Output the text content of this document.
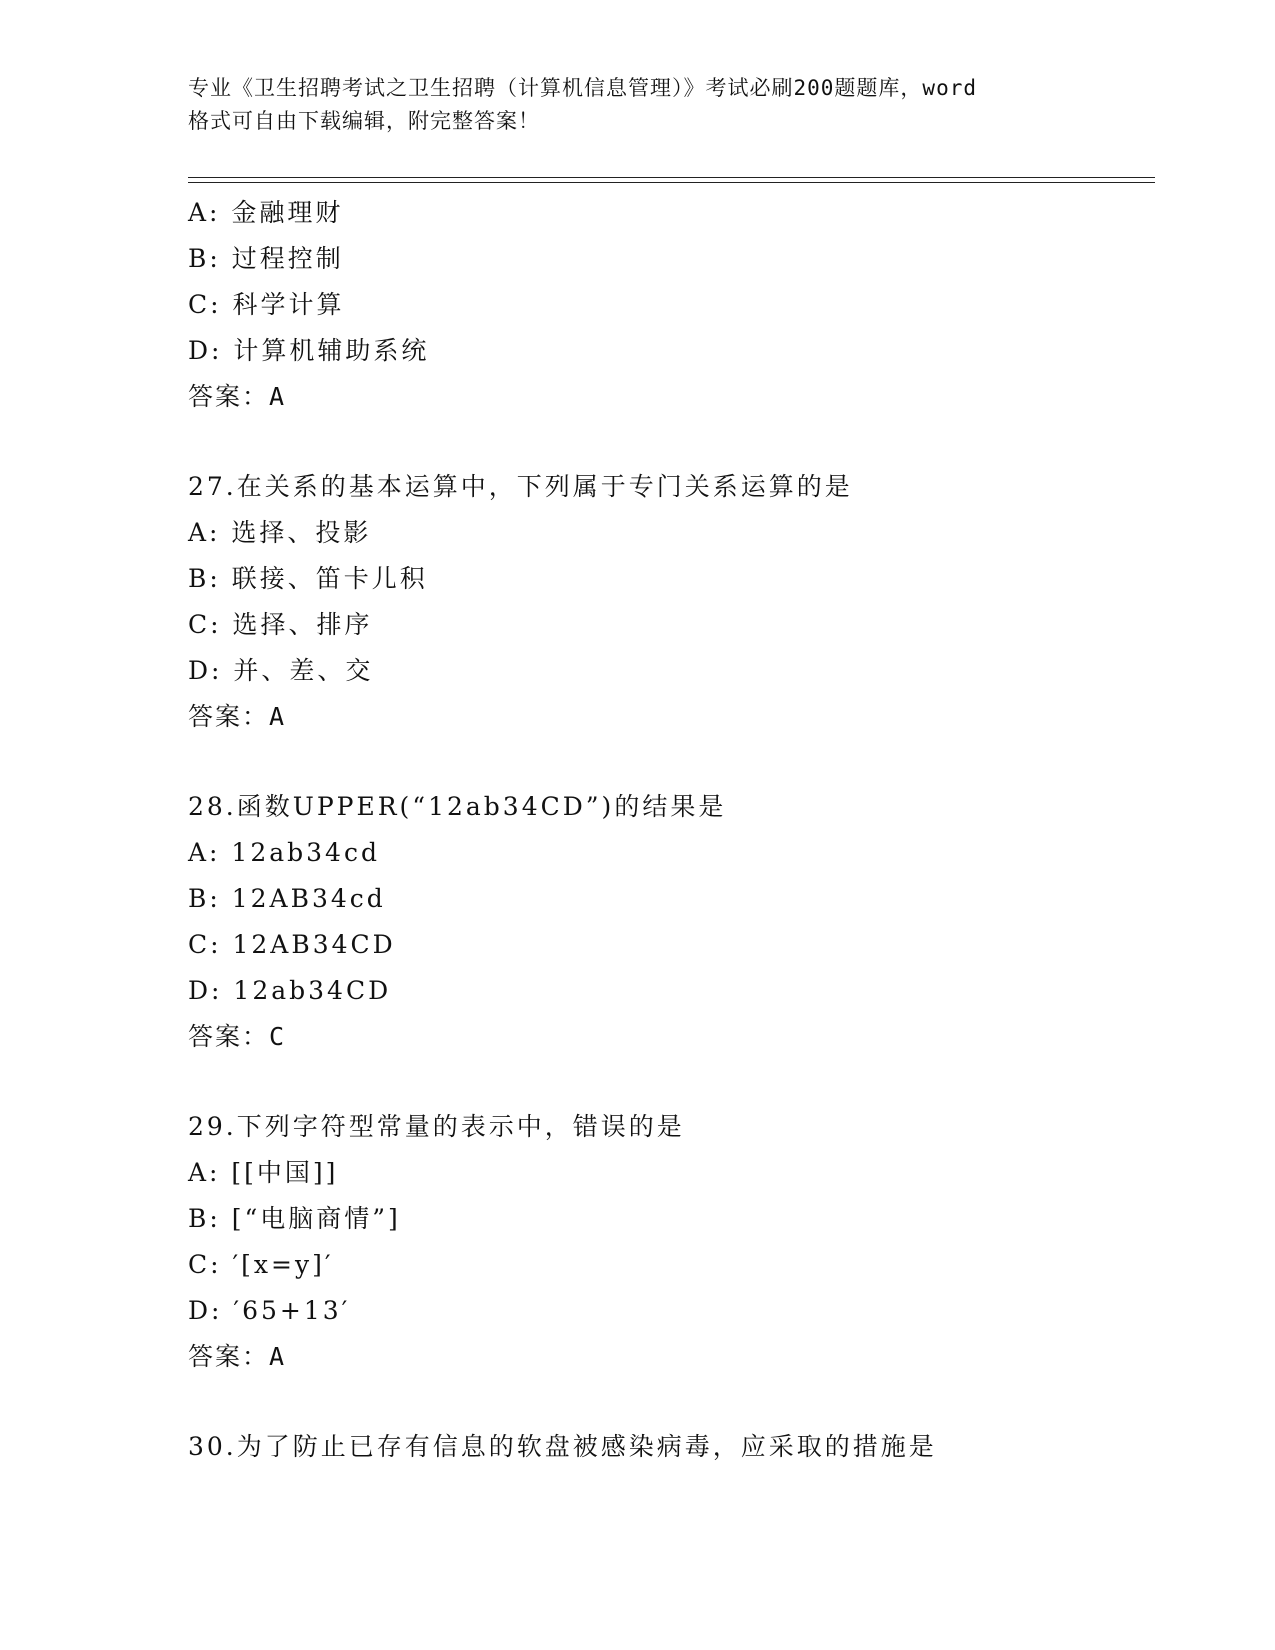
专业《卫生招聘考试之卫生招聘（计算机信息管理）》考试必刷200题题库，word
格式可自由下载编辑，附完整答案！
A: 金融理财
B: 过程控制
C: 科学计算
D: 计算机辅助系统
答案：A
27.在关系的基本运算中，下列属于专门关系运算的是
A: 选择、投影
B: 联接、笛卡儿积
C: 选择、排序
D: 并、差、交
答案：A
28.函数UPPER(“12ab34CD”)的结果是
A: 12ab34cd
B: 12AB34cd
C: 12AB34CD
D: 12ab34CD
答案：C
29.下列字符型常量的表示中，错误的是
A: [[中国]]
B: [“电脑商情”]
C: ′[x=y]′
D: ′65+13′
答案：A
30.为了防止已存有信息的软盘被感染病毒，应采取的措施是
